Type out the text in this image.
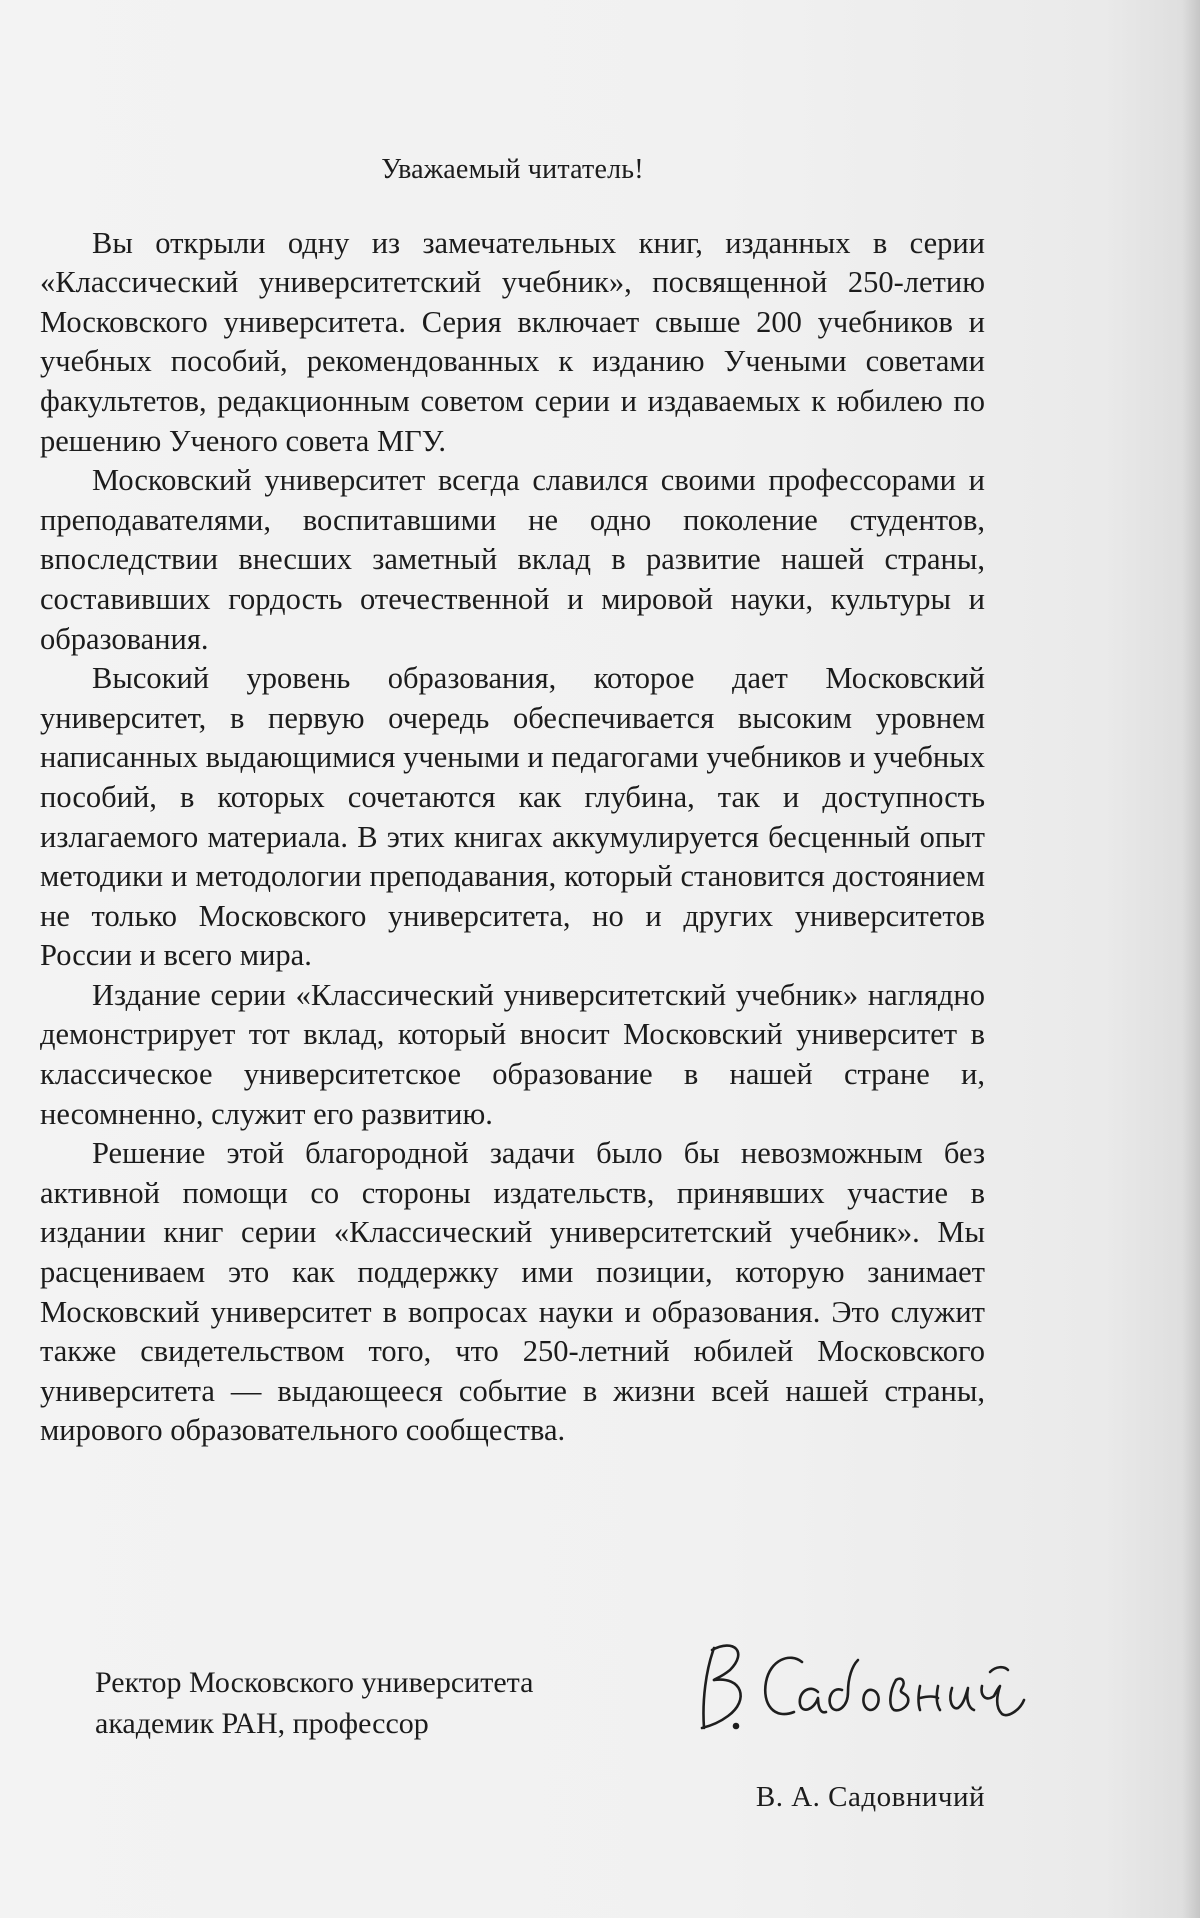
Уважаемый читатель!

Вы открыли одну из замечательных книг, изданных в серии «Классический университетский учебник», посвященной 250-летию Московского университета. Серия включает свыше 200 учебников и учебных пособий, рекомендованных к изданию Учеными советами факультетов, редакционным советом серии и издаваемых к юбилею по решению Ученого совета МГУ.

Московский университет всегда славился своими профессорами и преподавателями, воспитавшими не одно поколение студентов, впоследствии внесших заметный вклад в развитие нашей страны, составивших гордость отечественной и мировой науки, культуры и образования.

Высокий уровень образования, которое дает Московский университет, в первую очередь обеспечивается высоким уровнем написанных выдающимися учеными и педагогами учебников и учебных пособий, в которых сочетаются как глубина, так и доступность излагаемого материала. В этих книгах аккумулируется бесценный опыт методики и методологии преподавания, который становится достоянием не только Московского университета, но и других университетов России и всего мира.

Издание серии «Классический университетский учебник» наглядно демонстрирует тот вклад, который вносит Московский университет в классическое университетское образование в нашей стране и, несомненно, служит его развитию.

Решение этой благородной задачи было бы невозможным без активной помощи со стороны издательств, принявших участие в издании книг серии «Классический университетский учебник». Мы расцениваем это как поддержку ими позиции, которую занимает Московский университет в вопросах науки и образования. Это служит также свидетельством того, что 250-летний юбилей Московского университета — выдающееся событие в жизни всей нашей страны, мирового образовательного сообщества.

Ректор Московского университета
академик РАН, профессор
В. А. Садовничий
